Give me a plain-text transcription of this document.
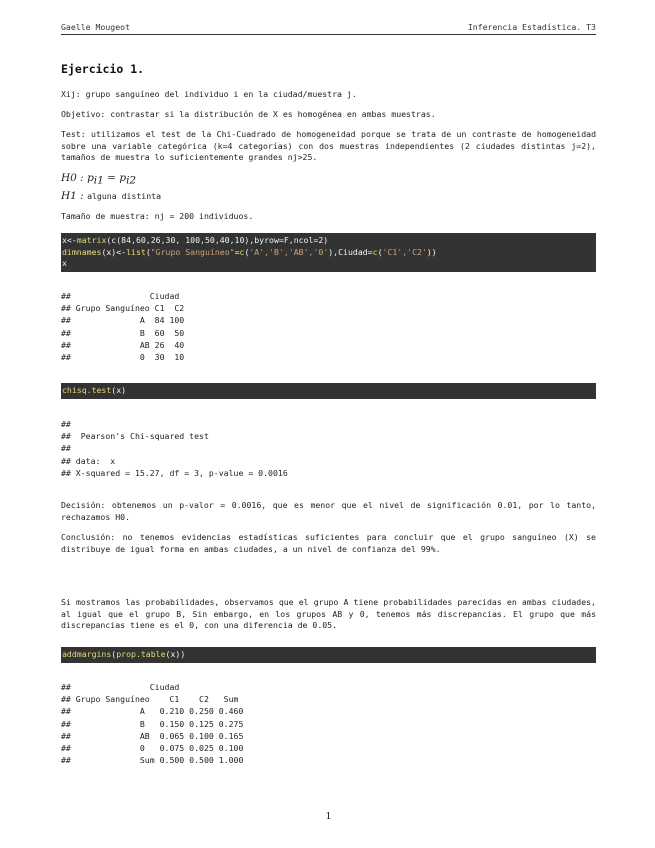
Gaelle Mougeot	Inferencia Estadística. T3
Ejercicio 1.

Xij: grupo sanguíneo del individuo i en la ciudad/muestra j.

Objetivo: contrastar si la distribución de X es homogénea en ambas muestras.

Test: utilizamos el test de la Chi-Cuadrado de homogeneidad porque se trata de un contraste de homogeneidad sobre una variable categórica (k=4 categorías) con dos muestras independientes (2 ciudades distintas j=2), tamaños de muestra lo suficientemente grandes nj>25.

H0 : $p_{i1} = p_{i2}$

H1 : alguna distinta

Tamaño de muestra: nj = 200 individuos.

x<-matrix(c(84,60,26,30, 100,50,40,10),byrow=F,ncol=2)
dimnames(x)<-list("Grupo Sanguíneo"=c('A','B','AB','0'),Ciudad=c('C1','C2'))
x
##                Ciudad
## Grupo Sanguíneo C1  C2
##              A  84 100
##              B  60  50
##              AB 26  40
##              0  30  10
chisq.test(x)
##
##  Pearson's Chi-squared test
##
## data:  x
## X-squared = 15.27, df = 3, p-value = 0.0016

Decisión: obtenemos un p-valor = 0.0016, que es menor que el nivel de significación 0.01, por lo tanto, rechazamos H0.

Conclusión: no tenemos evidencias estadísticas suficientes para concluir que el grupo sanguíneo (X) se distribuye de igual forma en ambas ciudades, a un nivel de confianza del 99%.

Si mostramos las probabilidades, observamos que el grupo A tiene probabilidades parecidas en ambas ciudades, al igual que el grupo B, Sin embargo, en los grupos AB y 0, tenemos más discrepancias. El grupo que más discrepancias tiene es el 0, con una diferencia de 0.05.

addmargins(prop.table(x))
##                Ciudad
## Grupo Sanguíneo    C1    C2   Sum
##              A   0.210 0.250 0.460
##              B   0.150 0.125 0.275
##              AB  0.065 0.100 0.165
##              0   0.075 0.025 0.100
##              Sum 0.500 0.500 1.000
1
